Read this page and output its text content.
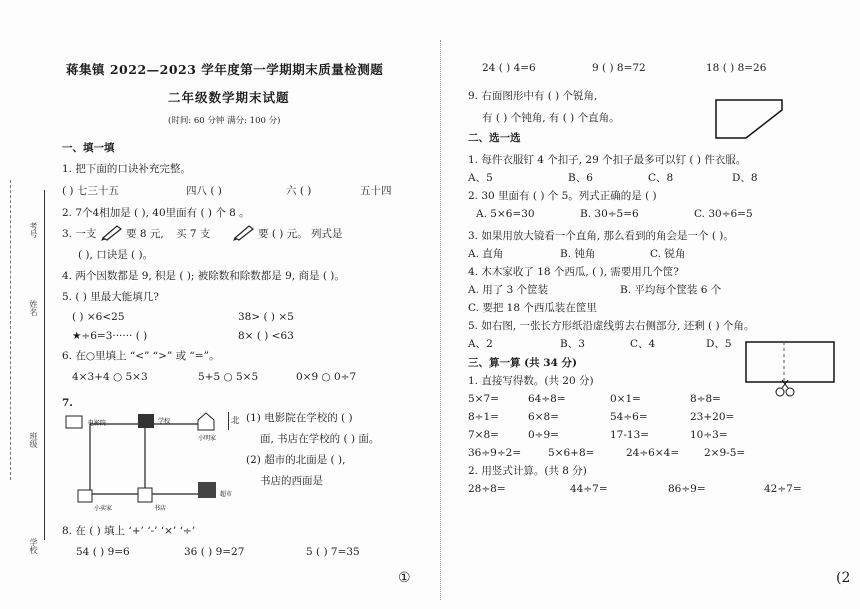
考号
姓名
班级
学校
蒋集镇 2022—2023 学年度第一学期期末质量检测题
二年级数学期末试题
(时间: 60 分钟 满分: 100 分)
一、填一填
1. 把下面的口诀补充完整。
( ) 七三十五	四八 ( )	六 ( )	五十四
2. 7个4相加是 ( ), 40里面有 ( ) 个 8 。
3. 一支	要 8 元, 买 7 支	要 ( ) 元。 列式是
( ), 口诀是 ( )。
4. 两个因数都是 9, 积是 ( ); 被除数和除数都是 9, 商是 ( )。
5. ( ) 里最大能填几?
( ) ×6<25	38> ( ) ×5
★÷6=3······ ( )	8× ( ) <63
6. 在○里填上 “<” “>” 或 “=”。
4×3+4 ○ 5×3	5+5 ○ 5×5	0×9 ○ 0÷7
7.
电影院	学校
小明家
小卖家	书店
超市
北 (1) 电影院在学校的 ( )
面, 书店在学校的 ( ) 面。
(2) 超市的北面是 ( ),
书店的西面是
8. 在 ( ) 填上 ‘+’ ‘-’ ‘×’ ‘÷’
54 ( ) 9=6	36 ( ) 9=27	5 ( ) 7=35
①
24 ( ) 4=6	9 ( ) 8=72	18 ( ) 8=26
9. 右面图形中有 ( ) 个锐角,
有 ( ) 个钝角, 有 ( ) 个直角。
二、选一选
1. 每件衣服钉 4 个扣子, 29 个扣子最多可以钉 ( ) 件衣服。
A、5	B、6	C、8	D、8
2. 30 里面有 ( ) 个 5。列式正确的是 ( )
A. 5×6=30	B. 30÷5=6	C. 30÷6=5
3. 如果用放大镜看一个直角, 那么看到的角会是一个 ( )。
A. 直角	B. 钝角	C. 锐角
4. 木木家收了 18 个西瓜, ( ), 需要用几个筐?
A. 用了 3 个筐装	B. 平均每个筐装 6 个
C. 要把 18 个西瓜装在筐里
5. 如右图, 一张长方形纸沿虚线剪去右侧部分, 还剩 ( ) 个角。
A、2	B、3	C、4	D、5
三、算一算 (共 34 分)
1. 直接写得数。(共 20 分)
5×7=	64÷8=	0×1=	8÷8=
8÷1=	6×8=	54÷6=	23+20=
7×8=	0÷9=	17-13=	10÷3=
36÷9÷2=	5×6+8=	24÷6×4= 2×9-5=
2. 用竖式计算。(共 8 分)
28÷8=	44÷7=	86÷9=	42÷7=
(2
